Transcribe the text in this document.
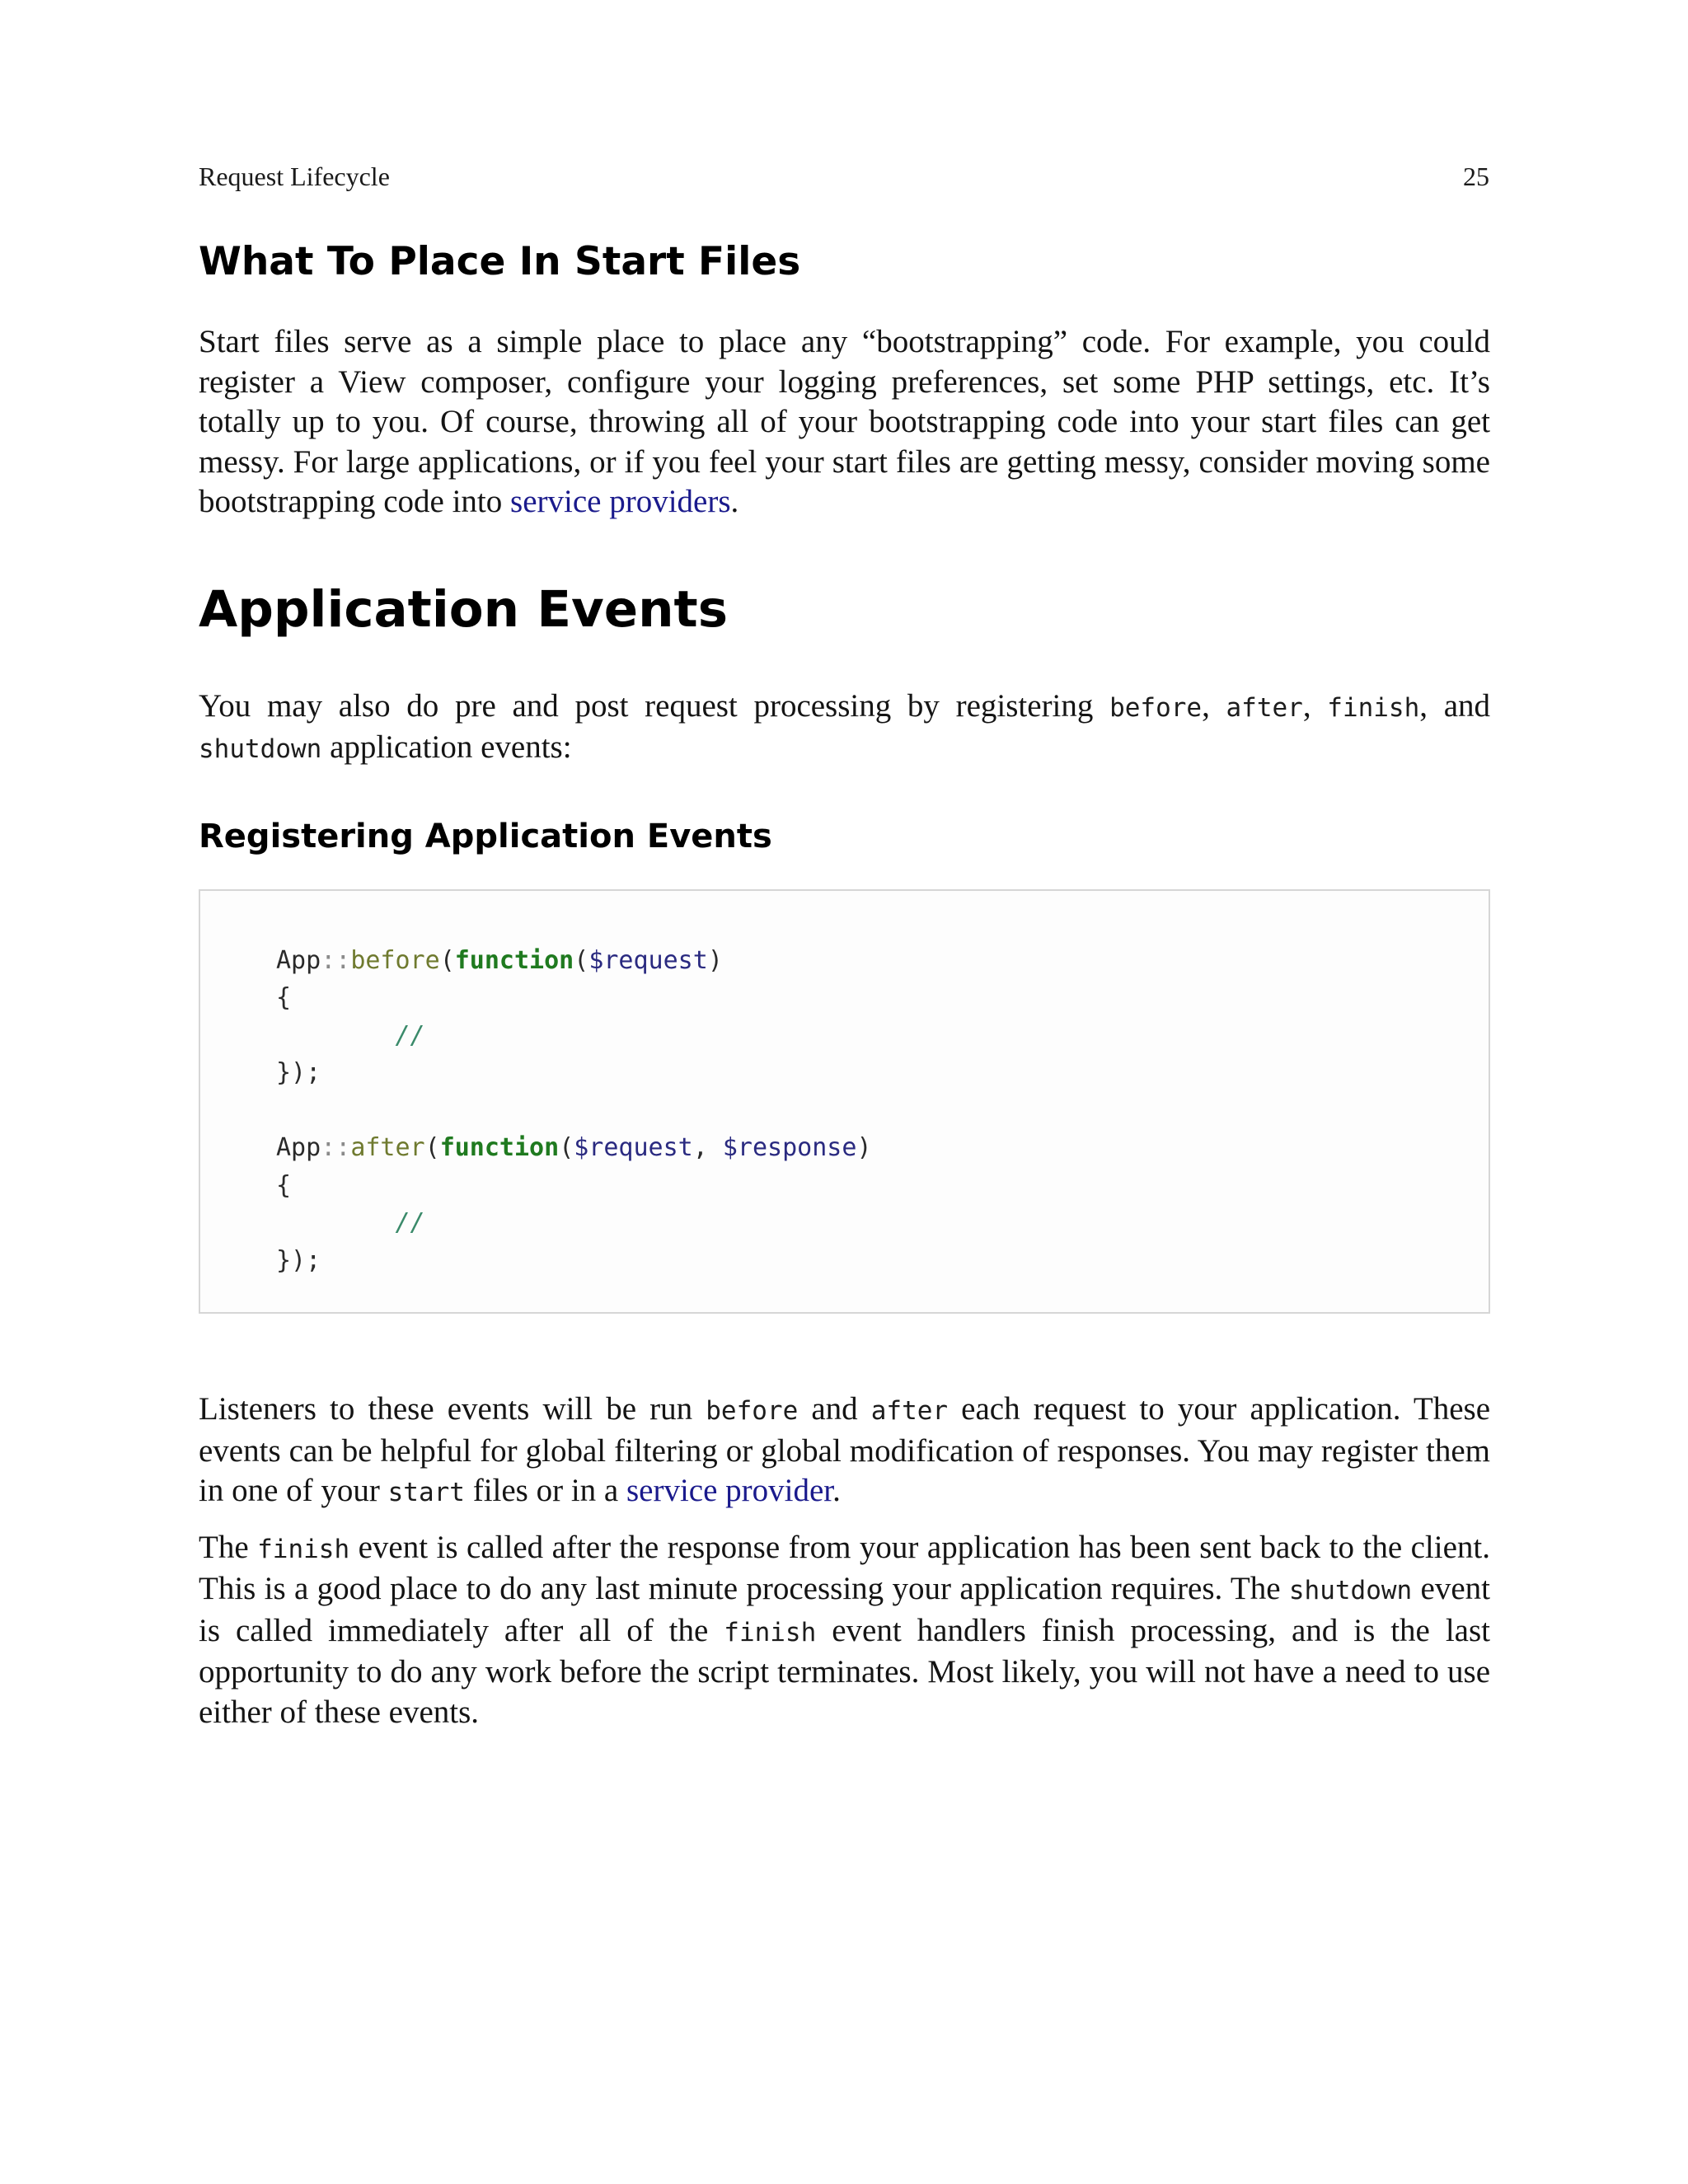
Request Lifecycle	25
What To Place In Start Files

Start files serve as a simple place to place any “bootstrapping” code. For example, you could register a View composer, configure your logging preferences, set some PHP settings, etc. It’s totally up to you. Of course, throwing all of your bootstrapping code into your start files can get messy. For large applications, or if you feel your start files are getting messy, consider moving some bootstrapping code into service providers.

Application Events

You may also do pre and post request processing by registering before, after, finish, and shutdown application events:

Registering Application Events
App::before(function($request)
{
//
});
App::after(function($request, $response)
{
//
});

Listeners to these events will be run before and after each request to your application. These events can be helpful for global filtering or global modification of responses. You may register them in one of your start files or in a service provider.

The finish event is called after the response from your application has been sent back to the client. This is a good place to do any last minute processing your application requires. The shutdown event is called immediately after all of the finish event handlers finish processing, and is the last opportunity to do any work before the script terminates. Most likely, you will not have a need to use either of these events.
